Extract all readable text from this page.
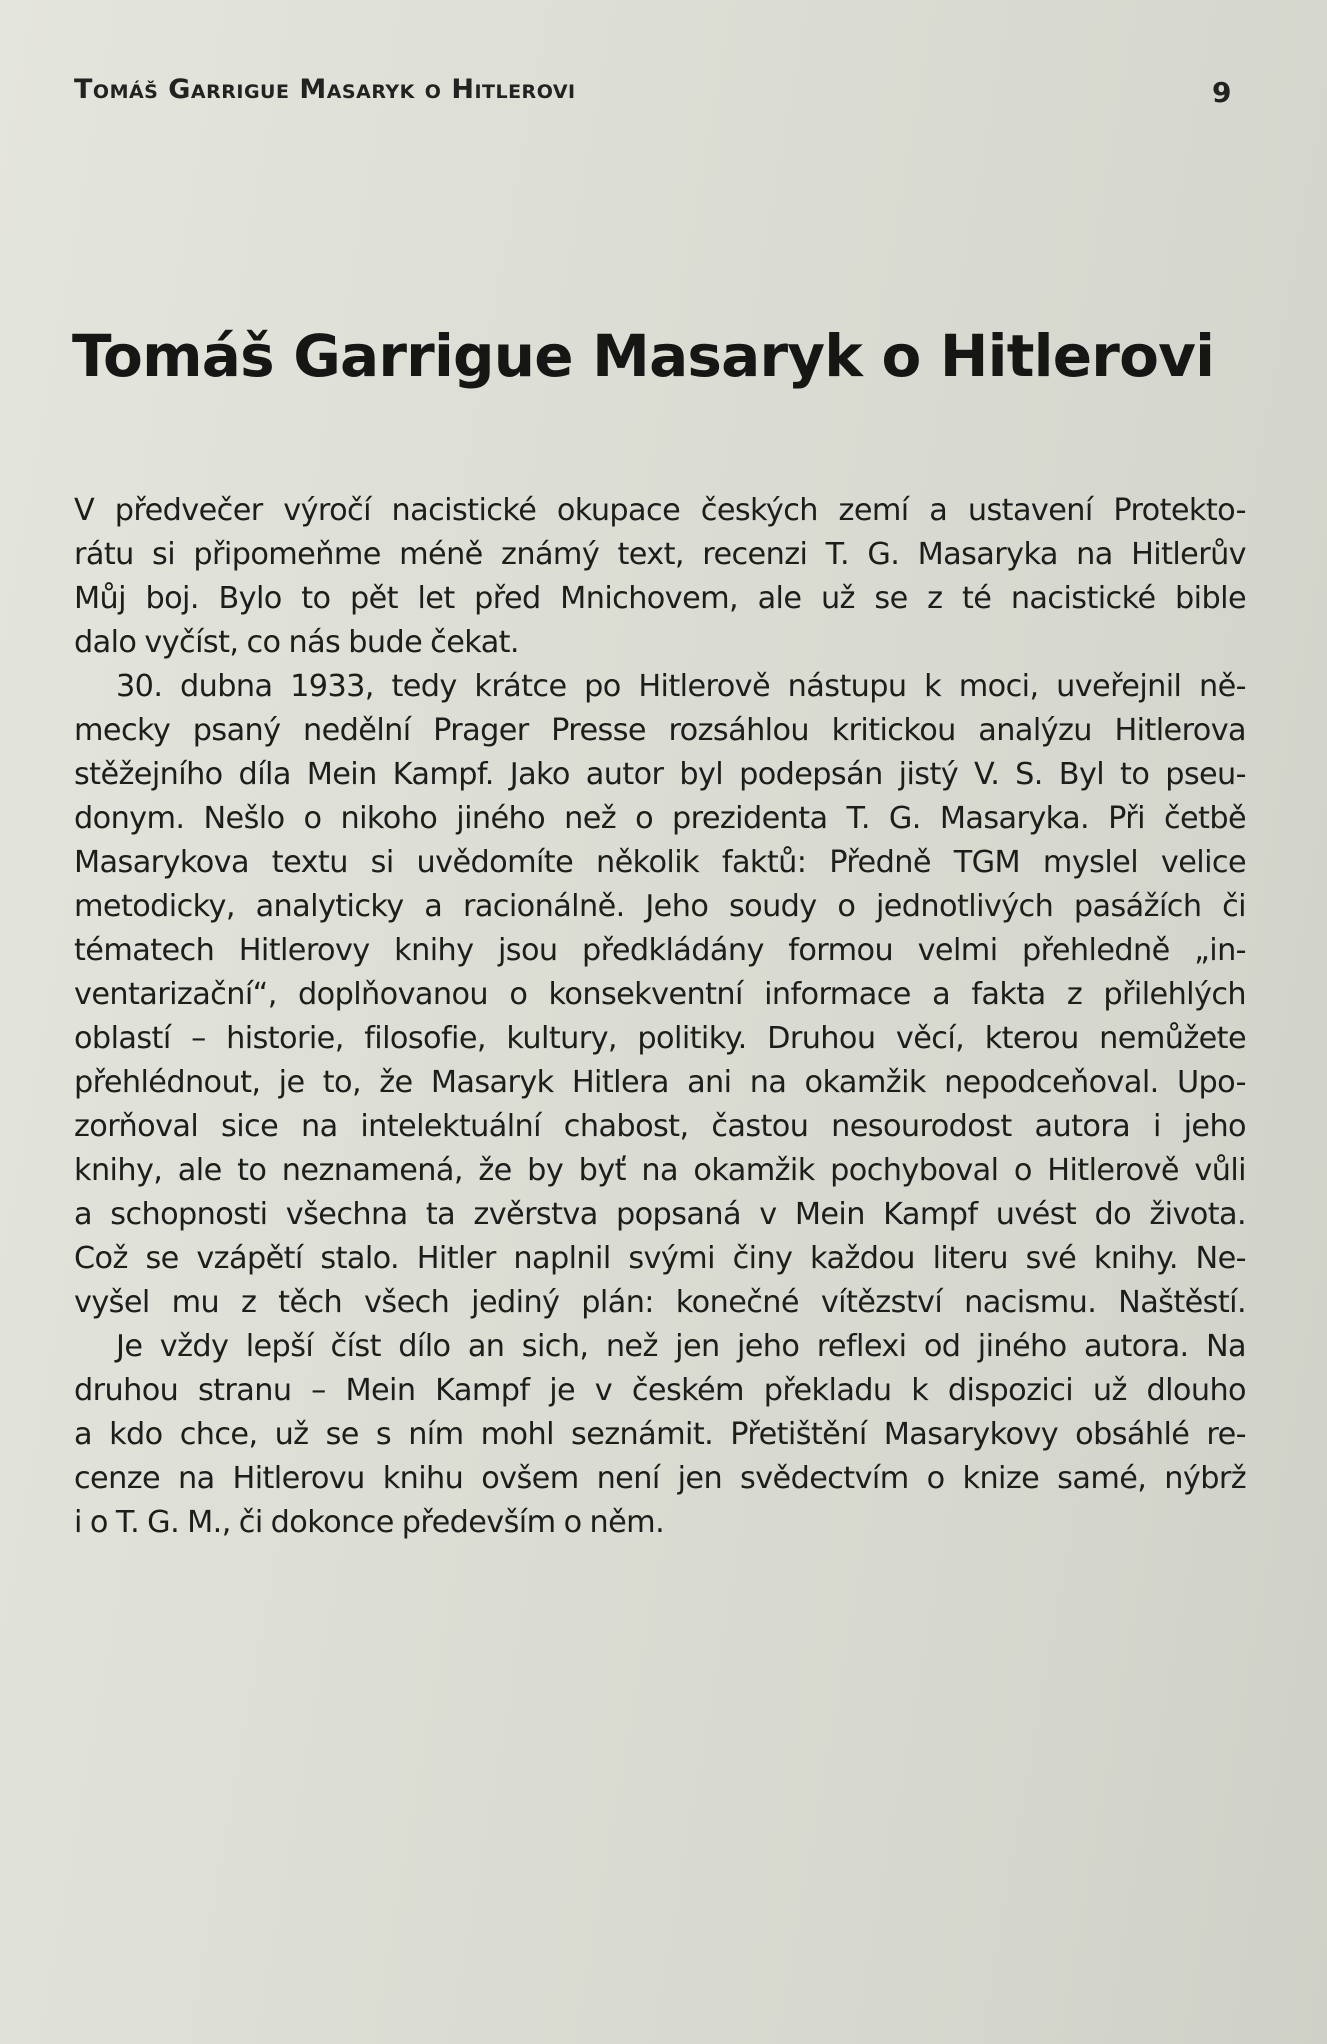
Tomáš Garrigue Masaryk o Hitlerovi	9
Tomáš Garrigue Masaryk o Hitlerovi
V předvečer výročí nacistické okupace českých zemí a ustavení Protekto-
rátu si připomeňme méně známý text, recenzi T. G. Masaryka na Hitlerův
Můj boj. Bylo to pět let před Mnichovem, ale už se z té nacistické bible
dalo vyčíst, co nás bude čekat.
30. dubna 1933, tedy krátce po Hitlerově nástupu k moci, uveřejnil ně-
mecky psaný nedělní Prager Presse rozsáhlou kritickou analýzu Hitlerova
stěžejního díla Mein Kampf. Jako autor byl podepsán jistý V. S. Byl to pseu-
donym. Nešlo o nikoho jiného než o prezidenta T. G. Masaryka. Při četbě
Masarykova textu si uvědomíte několik faktů: Předně TGM myslel velice
metodicky, analyticky a racionálně. Jeho soudy o jednotlivých pasážích či
tématech Hitlerovy knihy jsou předkládány formou velmi přehledně „in-
ventarizační“, doplňovanou o konsekventní informace a fakta z přilehlých
oblastí – historie, filosofie, kultury, politiky. Druhou věcí, kterou nemůžete
přehlédnout, je to, že Masaryk Hitlera ani na okamžik nepodceňoval. Upo-
zorňoval sice na intelektuální chabost, častou nesourodost autora i jeho
knihy, ale to neznamená, že by byť na okamžik pochyboval o Hitlerově vůli
a schopnosti všechna ta zvěrstva popsaná v Mein Kampf uvést do života.
Což se vzápětí stalo. Hitler naplnil svými činy každou literu své knihy. Ne-
vyšel mu z těch všech jediný plán: konečné vítězství nacismu. Naštěstí.
Je vždy lepší číst dílo an sich, než jen jeho reflexi od jiného autora. Na
druhou stranu – Mein Kampf je v českém překladu k dispozici už dlouho
a kdo chce, už se s ním mohl seznámit. Přetištění Masarykovy obsáhlé re-
cenze na Hitlerovu knihu ovšem není jen svědectvím o knize samé, nýbrž
i o T. G. M., či dokonce především o něm.
